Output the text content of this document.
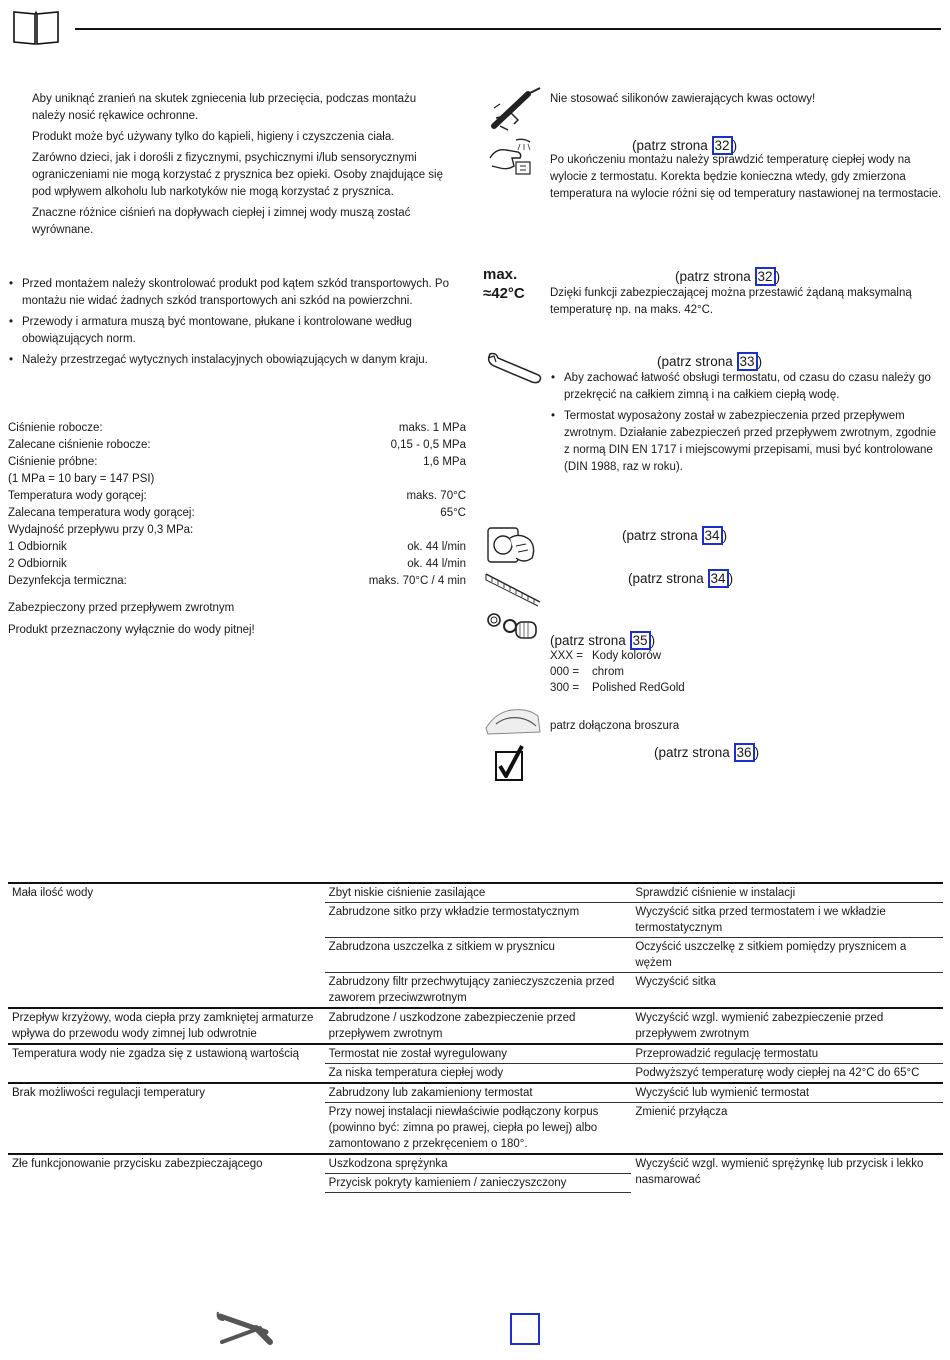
Aby uniknąć zranień na skutek zgniecenia lub przecięcia, podczas montażu należy nosić rękawice ochronne.

Produkt może być używany tylko do kąpieli, higieny i czyszczenia ciała.

Zarówno dzieci, jak i dorośli z fizycznymi, psychicznymi i/lub sensorycznymi ograniczeniami nie mogą korzystać z prysznica bez opieki. Osoby znajdujące się pod wpływem alkoholu lub narkotyków nie mogą korzystać z prysznica.

Znaczne różnice ciśnień na dopływach ciepłej i zimnej wody muszą zostać wyrównane.

• Przed montażem należy skontrolować produkt pod kątem szkód transportowych. Po montażu nie widać żadnych szkód transportowych ani szkód na powierzchni.
• Przewody i armatura muszą być montowane, płukane i kontrolowane według obowiązujących norm.
• Należy przestrzegać wytycznych instalacyjnych obowiązujących w danym kraju.
Ciśnienie robocze:	maks. 1 MPa
Zalecane ciśnienie robocze:	0,15 - 0,5 MPa
Ciśnienie próbne:	1,6 MPa
(1 MPa = 10 bary = 147 PSI)
Temperatura wody gorącej:	maks. 70°C
Zalecana temperatura wody gorącej:	65°C
Wydajność przepływu przy 0,3 MPa:
1 Odbiornik	ok. 44 l/min
2 Odbiornik	ok. 44 l/min
Dezynfekcja termiczna:	maks. 70°C / 4 min

Zabezpieczony przed przepływem zwrotnym

Produkt przeznaczony wyłącznie do wody pitnej!

max.
≈42°C

Nie stosować silikonów zawierających kwas octowy!

(patrz strona 32 )

Po ukończeniu montażu należy sprawdzić temperaturę ciepłej wody na wylocie z termostatu. Korekta będzie konieczna wtedy, gdy zmierzona temperatura na wylocie różni się od temperatury nastawionej na termostacie.

(patrz strona 32 )

Dzięki funkcji zabezpieczającej można przestawić żądaną maksymalną temperaturę np. na maks. 42°C.

(patrz strona 33 )
• Aby zachować łatwość obsługi termostatu, od czasu do czasu należy go przekręcić na całkiem zimną i na całkiem ciepłą wodę.
• Termostat wyposażony został w zabezpieczenia przed przepływem zwrotnym. Działanie zabezpieczeń przed przepływem zwrotnym, zgodnie z normą DIN EN 1717 i miejscowymi przepisami, musi być kontrolowane (DIN 1988, raz w roku).
(patrz strona 34 )
(patrz strona 34 )
(patrz strona 35 )
XXX = Kody kolorów
000 = chrom
300 = Polished RedGold

patrz dołączona broszura

(patrz strona 36 )
Mała ilość wody	Zbyt niskie ciśnienie zasilające	Sprawdzić ciśnienie w instalacji
	Zabrudzone sitko przy wkładzie termostatycznym	Wyczyścić sitka przed termostatem i we wkładzie termostatycznym
	Zabrudzona uszczelka z sitkiem w prysznicu	Oczyścić uszczelkę z sitkiem pomiędzy prysznicem a wężem
	Zabrudzony filtr przechwytujący zanieczyszczenia przed zaworem przeciwzwrotnym	Wyczyścić sitka
Przepływ krzyżowy, woda ciepła przy zamkniętej armaturze wpływa do przewodu wody zimnej lub odwrotnie	Zabrudzone / uszkodzone zabezpieczenie przed przepływem zwrotnym	Wyczyścić wzgl. wymienić zabezpieczenie przed przepływem zwrotnym
Temperatura wody nie zgadza się z ustawioną wartością	Termostat nie został wyregulowany	Przeprowadzić regulację termostatu
	Za niska temperatura ciepłej wody	Podwyższyć temperaturę wody ciepłej na 42°C do 65°C
Brak możliwości regulacji temperatury	Zabrudzony lub zakamieniony termostat	Wyczyścić lub wymienić termostat
	Przy nowej instalacji niewłaściwie podłączony korpus (powinno być: zimna po prawej, ciepła po lewej) albo zamontowano z przekręceniem o 180°.	Zmienić przyłącza
Złe funkcjonowanie przycisku zabezpieczającego	Uszkodzona sprężynka	Wyczyścić wzgl. wymienić sprężynkę lub przycisk i lekko nasmarować
	Przycisk pokryty kamieniem / zanieczyszczony	
